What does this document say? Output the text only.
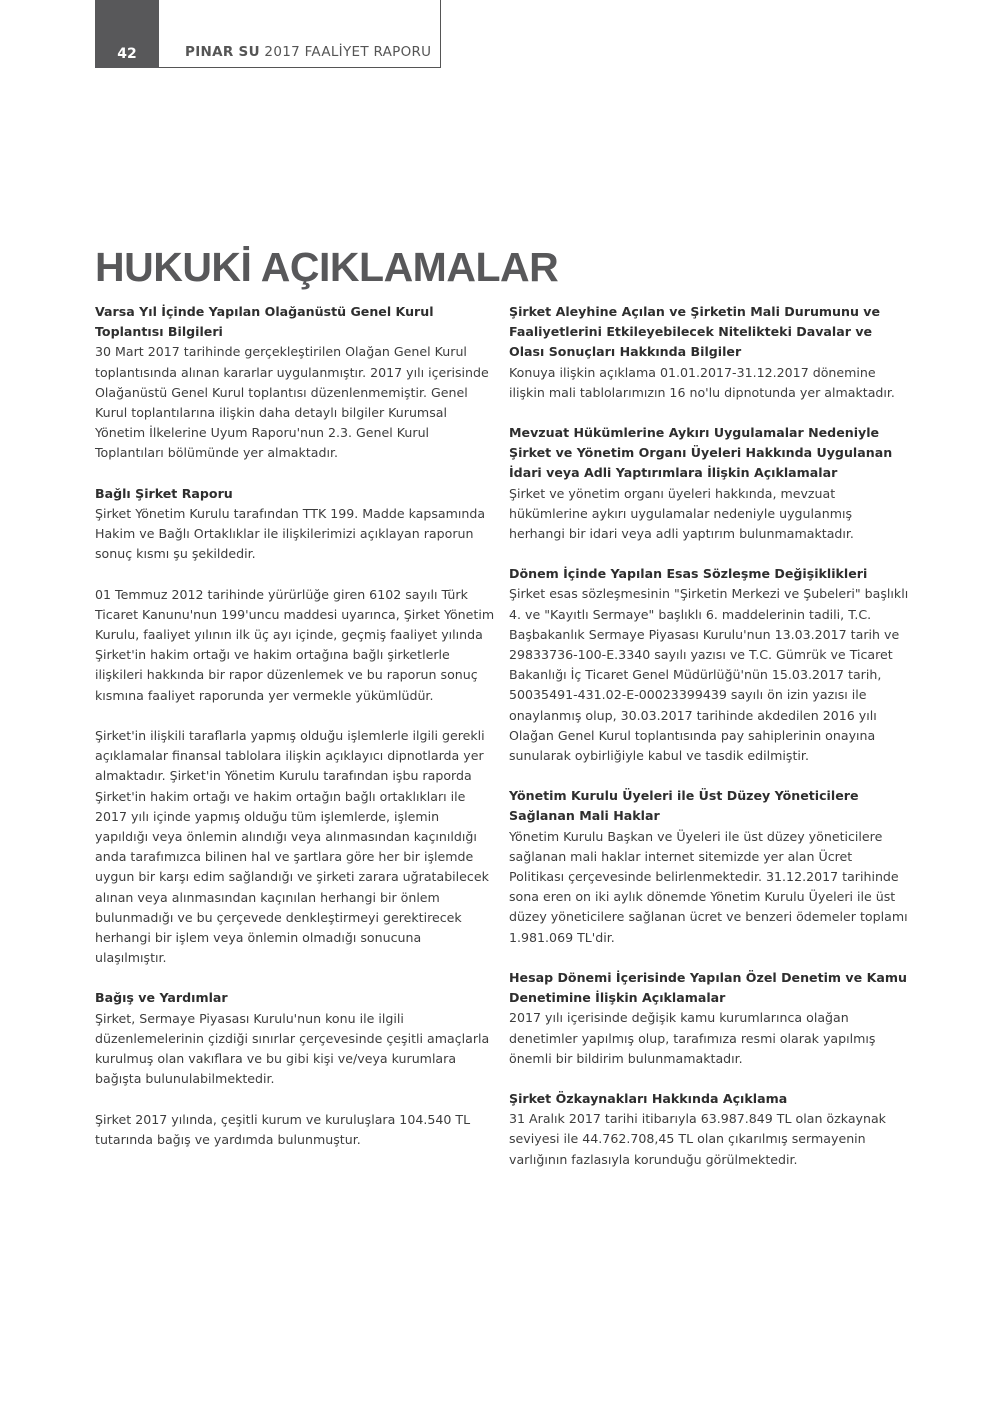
42	PINAR SU 2017 FAALİYET RAPORU
HUKUKİ AÇIKLAMALAR

Varsa Yıl İçinde Yapılan Olağanüstü Genel Kurul Toplantısı Bilgileri

30 Mart 2017 tarihinde gerçekleştirilen Olağan Genel Kurul toplantısında alınan kararlar uygulanmıştır. 2017 yılı içerisinde Olağanüstü Genel Kurul toplantısı düzenlenmemiştir. Genel Kurul toplantılarına ilişkin daha detaylı bilgiler Kurumsal Yönetim İlkelerine Uyum Raporu'nun 2.3. Genel Kurul Toplantıları bölümünde yer almaktadır.

Bağlı Şirket Raporu

Şirket Yönetim Kurulu tarafından TTK 199. Madde kapsamında Hakim ve Bağlı Ortaklıklar ile ilişkilerimizi açıklayan raporun sonuç kısmı şu şekildedir.

01 Temmuz 2012 tarihinde yürürlüğe giren 6102 sayılı Türk Ticaret Kanunu'nun 199'uncu maddesi uyarınca, Şirket Yönetim Kurulu, faaliyet yılının ilk üç ayı içinde, geçmiş faaliyet yılında Şirket'in hakim ortağı ve hakim ortağına bağlı şirketlerle ilişkileri hakkında bir rapor düzenlemek ve bu raporun sonuç kısmına faaliyet raporunda yer vermekle yükümlüdür.

Şirket'in ilişkili taraflarla yapmış olduğu işlemlerle ilgili gerekli açıklamalar finansal tablolara ilişkin açıklayıcı dipnotlarda yer almaktadır. Şirket'in Yönetim Kurulu tarafından işbu raporda Şirket'in hakim ortağı ve hakim ortağın bağlı ortaklıkları ile 2017 yılı içinde yapmış olduğu tüm işlemlerde, işlemin yapıldığı veya önlemin alındığı veya alınmasından kaçınıldığı anda tarafımızca bilinen hal ve şartlara göre her bir işlemde uygun bir karşı edim sağlandığı ve şirketi zarara uğratabilecek alınan veya alınmasından kaçınılan herhangi bir önlem bulunmadığı ve bu çerçevede denkleştirmeyi gerektirecek herhangi bir işlem veya önlemin olmadığı sonucuna ulaşılmıştır.

Bağış ve Yardımlar

Şirket, Sermaye Piyasası Kurulu'nun konu ile ilgili düzenlemelerinin çizdiği sınırlar çerçevesinde çeşitli amaçlarla kurulmuş olan vakıflara ve bu gibi kişi ve/veya kurumlara bağışta bulunulabilmektedir.

Şirket 2017 yılında, çeşitli kurum ve kuruluşlara 104.540 TL tutarında bağış ve yardımda bulunmuştur.

Şirket Aleyhine Açılan ve Şirketin Mali Durumunu ve Faaliyetlerini Etkileyebilecek Nitelikteki Davalar ve Olası Sonuçları Hakkında Bilgiler

Konuya ilişkin açıklama 01.01.2017-31.12.2017 dönemine ilişkin mali tablolarımızın 16 no'lu dipnotunda yer almaktadır.

Mevzuat Hükümlerine Aykırı Uygulamalar Nedeniyle Şirket ve Yönetim Organı Üyeleri Hakkında Uygulanan İdari veya Adli Yaptırımlara İlişkin Açıklamalar

Şirket ve yönetim organı üyeleri hakkında, mevzuat hükümlerine aykırı uygulamalar nedeniyle uygulanmış herhangi bir idari veya adli yaptırım bulunmamaktadır.

Dönem İçinde Yapılan Esas Sözleşme Değişiklikleri

Şirket esas sözleşmesinin "Şirketin Merkezi ve Şubeleri" başlıklı 4. ve "Kayıtlı Sermaye" başlıklı 6. maddelerinin tadili, T.C. Başbakanlık Sermaye Piyasası Kurulu'nun 13.03.2017 tarih ve 29833736-100-E.3340 sayılı yazısı ve T.C. Gümrük ve Ticaret Bakanlığı İç Ticaret Genel Müdürlüğü'nün 15.03.2017 tarih, 50035491-431.02-E-00023399439 sayılı ön izin yazısı ile onaylanmış olup, 30.03.2017 tarihinde akdedilen 2016 yılı Olağan Genel Kurul toplantısında pay sahiplerinin onayına sunularak oybirliğiyle kabul ve tasdik edilmiştir.

Yönetim Kurulu Üyeleri ile Üst Düzey Yöneticilere Sağlanan Mali Haklar

Yönetim Kurulu Başkan ve Üyeleri ile üst düzey yöneticilere sağlanan mali haklar internet sitemizde yer alan Ücret Politikası çerçevesinde belirlenmektedir. 31.12.2017 tarihinde sona eren on iki aylık dönemde Yönetim Kurulu Üyeleri ile üst düzey yöneticilere sağlanan ücret ve benzeri ödemeler toplamı 1.981.069 TL'dir.

Hesap Dönemi İçerisinde Yapılan Özel Denetim ve Kamu Denetimine İlişkin Açıklamalar

2017 yılı içerisinde değişik kamu kurumlarınca olağan denetimler yapılmış olup, tarafımıza resmi olarak yapılmış önemli bir bildirim bulunmamaktadır.

Şirket Özkaynakları Hakkında Açıklama

31 Aralık 2017 tarihi itibarıyla 63.987.849 TL olan özkaynak seviyesi ile 44.762.708,45 TL olan çıkarılmış sermayenin varlığının fazlasıyla korunduğu görülmektedir.
